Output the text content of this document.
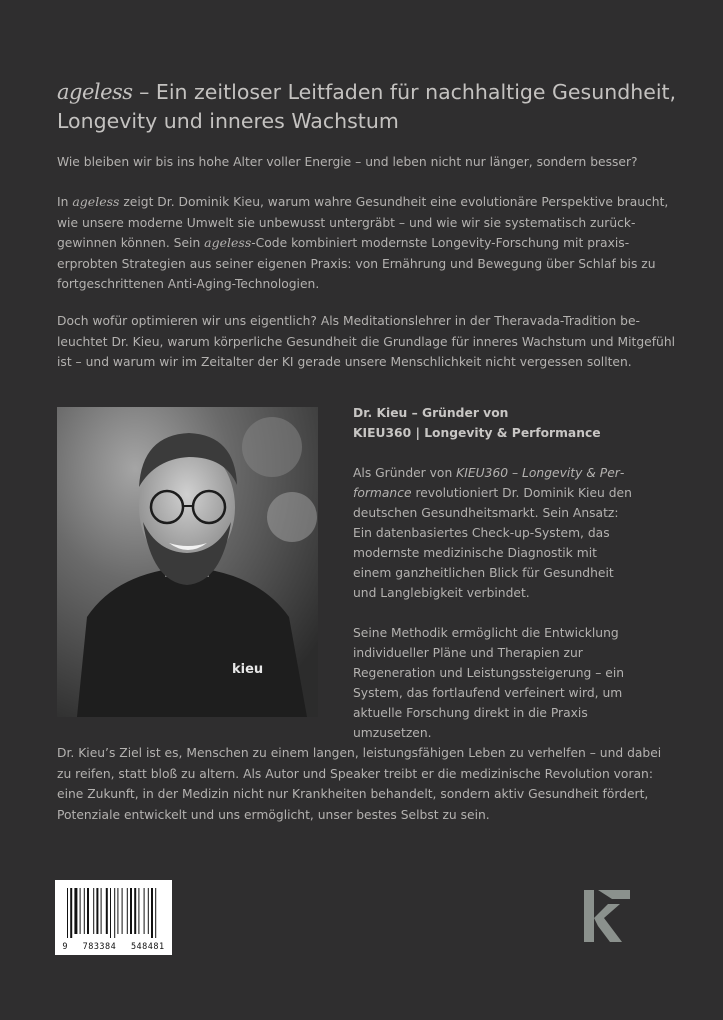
ageless – Ein zeitloser Leitfaden für nachhaltige Gesundheit,
Longevity und inneres Wachstum

Wie bleiben wir bis ins hohe Alter voller Energie – und leben nicht nur länger, sondern besser?

In ageless zeigt Dr. Dominik Kieu, warum wahre Gesundheit eine evolutionäre Perspektive braucht, wie unsere moderne Umwelt sie unbewusst untergräbt – und wie wir sie systematisch zurückgewinnen können. Sein ageless-Code kombiniert modernste Longevity-Forschung mit praxiserprobten Strategien aus seiner eigenen Praxis: von Ernährung und Bewegung über Schlaf bis zu fortgeschrittenen Anti-Aging-Technologien.

Doch wofür optimieren wir uns eigentlich? Als Meditationslehrer in der Theravada-Tradition beleuchtet Dr. Kieu, warum körperliche Gesundheit die Grundlage für inneres Wachstum und Mitgefühl ist – und warum wir im Zeitalter der KI gerade unsere Menschlichkeit nicht vergessen sollten.

kieu

Dr. Kieu – Gründer von
KIEU360 | Longevity & Performance

Als Gründer von KIEU360 – Longevity & Performance revolutioniert Dr. Dominik Kieu den deutschen Gesundheitsmarkt. Sein Ansatz: Ein datenbasiertes Check-up-System, das modernste medizinische Diagnostik mit einem ganzheitlichen Blick für Gesundheit und Langlebigkeit verbindet.

Seine Methodik ermöglicht die Entwicklung individueller Pläne und Therapien zur Regeneration und Leistungssteigerung – ein System, das fortlaufend verfeinert wird, um aktuelle Forschung direkt in die Praxis umzusetzen.

Dr. Kieu’s Ziel ist es, Menschen zu einem langen, leistungsfähigen Leben zu verhelfen – und dabei zu reifen, statt bloß zu altern. Als Autor und Speaker treibt er die medizinische Revolution voran: eine Zukunft, in der Medizin nicht nur Krankheiten behandelt, sondern aktiv Gesundheit fördert, Potenziale entwickelt und uns ermöglicht, unser bestes Selbst zu sein.

9 783384 548481
